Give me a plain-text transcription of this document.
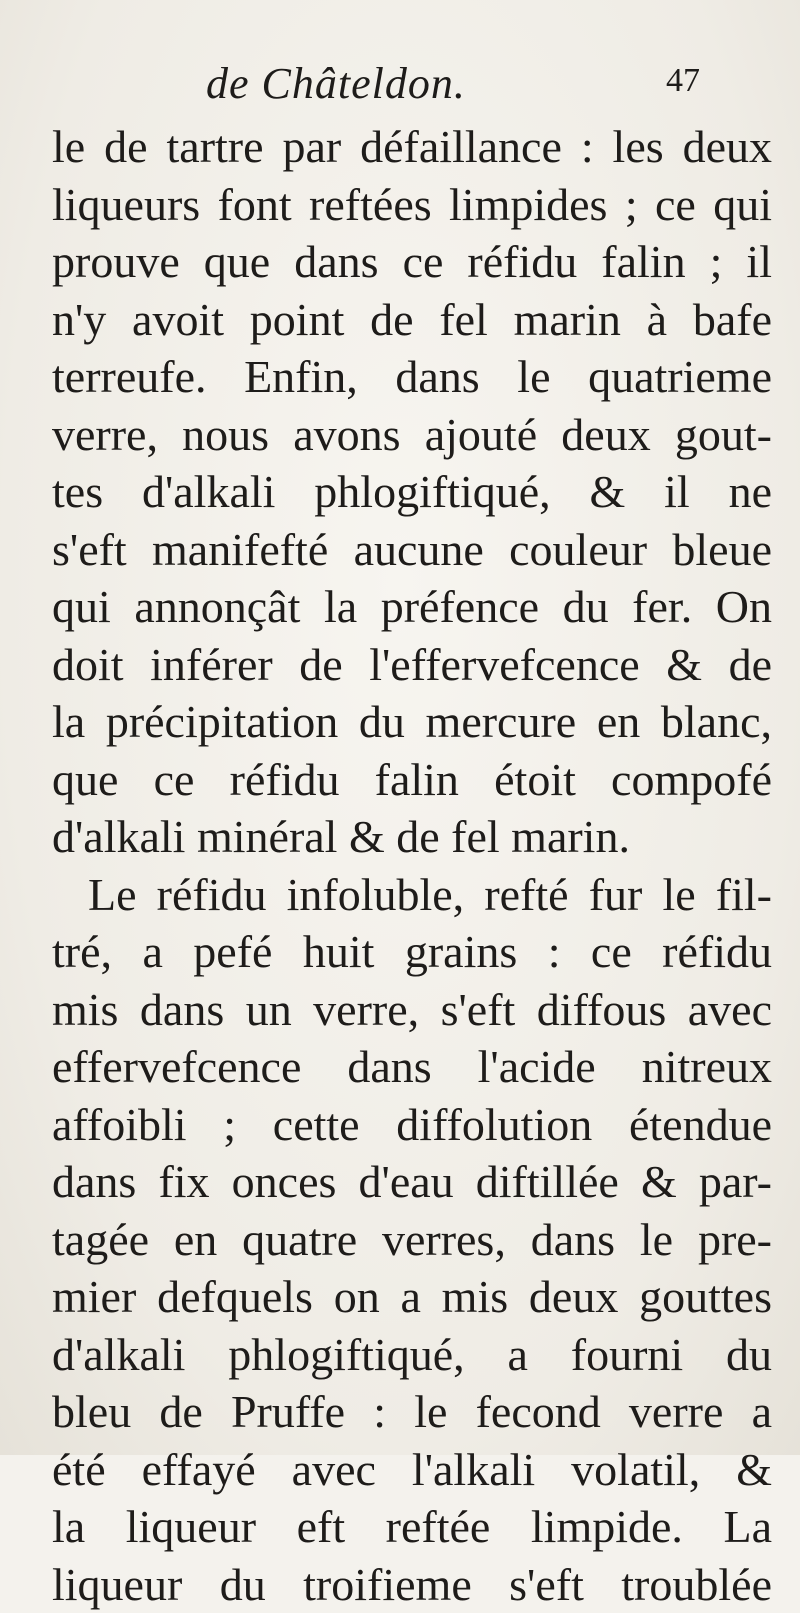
de Châteldon.	47
le de tartre par défaillance : les deux
liqueurs font reftées limpides ; ce qui
prouve que dans ce réfidu falin ; il
n'y avoit point de fel marin à bafe
terreufe. Enfin, dans le quatrieme
verre, nous avons ajouté deux gout-
tes d'alkali phlogiftiqué, & il ne
s'eft manifefté aucune couleur bleue
qui annonçât la préfence du fer. On
doit inférer de l'effervefcence & de
la précipitation du mercure en blanc,
que ce réfidu falin étoit compofé
d'alkali minéral & de fel marin.
Le réfidu infoluble, refté fur le fil-
tré, a pefé huit grains : ce réfidu
mis dans un verre, s'eft diffous avec
effervefcence dans l'acide nitreux
affoibli ; cette diffolution étendue
dans fix onces d'eau diftillée & par-
tagée en quatre verres, dans le pre-
mier defquels on a mis deux gouttes
d'alkali phlogiftiqué, a fourni du
bleu de Pruffe : le fecond verre a
été effayé avec l'alkali volatil, &
la liqueur eft reftée limpide. La
liqueur du troifieme s'eft troublée
